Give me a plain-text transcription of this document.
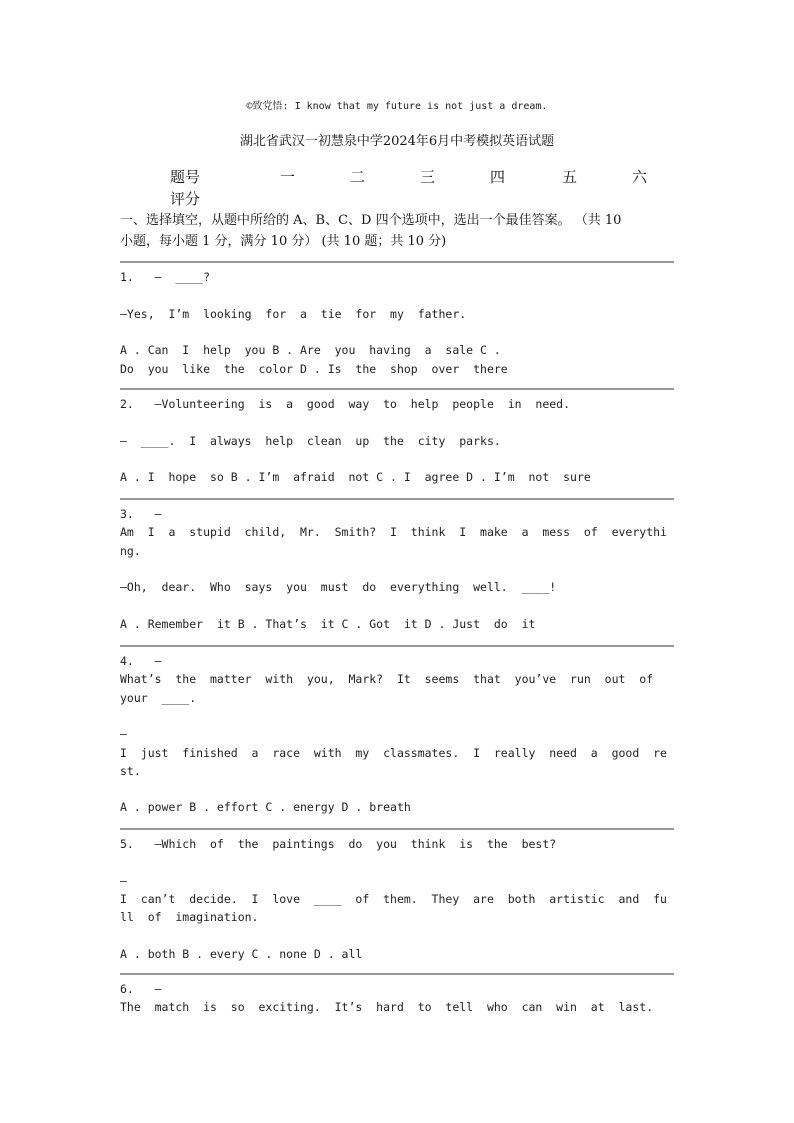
©致党悟: I know that my future is not just a dream.
湖北省武汉一初慧泉中学2024年6月中考模拟英语试题
题号	一	二	三	四	五	六
评分
一、选择填空，从题中所给的 A、B、C、D 四个选项中，选出一个最佳答案。 （共 10
小题，每小题 1 分，满分 10 分） (共 10 题；共 10 分)
1.   —  ____?
—Yes,  I’m  looking  for  a  tie  for  my  father.
A . Can  I  help  you B . Are  you  having  a  sale C .
Do  you  like  the  color D . Is  the  shop  over  there
2.   —Volunteering  is  a  good  way  to  help  people  in  need.
—  ____.  I  always  help  clean  up  the  city  parks.
A . I  hope  so B . I’m  afraid  not C . I  agree D . I’m  not  sure
3.   —
Am  I  a  stupid  child,  Mr.  Smith?  I  think  I  make  a  mess  of  everythi
ng.
—Oh,  dear.  Who  says  you  must  do  everything  well.  ____!
A . Remember  it B . That’s  it C . Got  it D . Just  do  it
4.   —
What’s  the  matter  with  you,  Mark?  It  seems  that  you’ve  run  out  of
your  ____.
—
I  just  finished  a  race  with  my  classmates.  I  really  need  a  good  re
st.
A . power B . effort C . energy D . breath
5.   —Which  of  the  paintings  do  you  think  is  the  best?
—
I  can’t  decide.  I  love  ____  of  them.  They  are  both  artistic  and  fu
ll  of  imagination.
A . both B . every C . none D . all
6.   —
The  match  is  so  exciting.  It’s  hard  to  tell  who  can  win  at  last.
